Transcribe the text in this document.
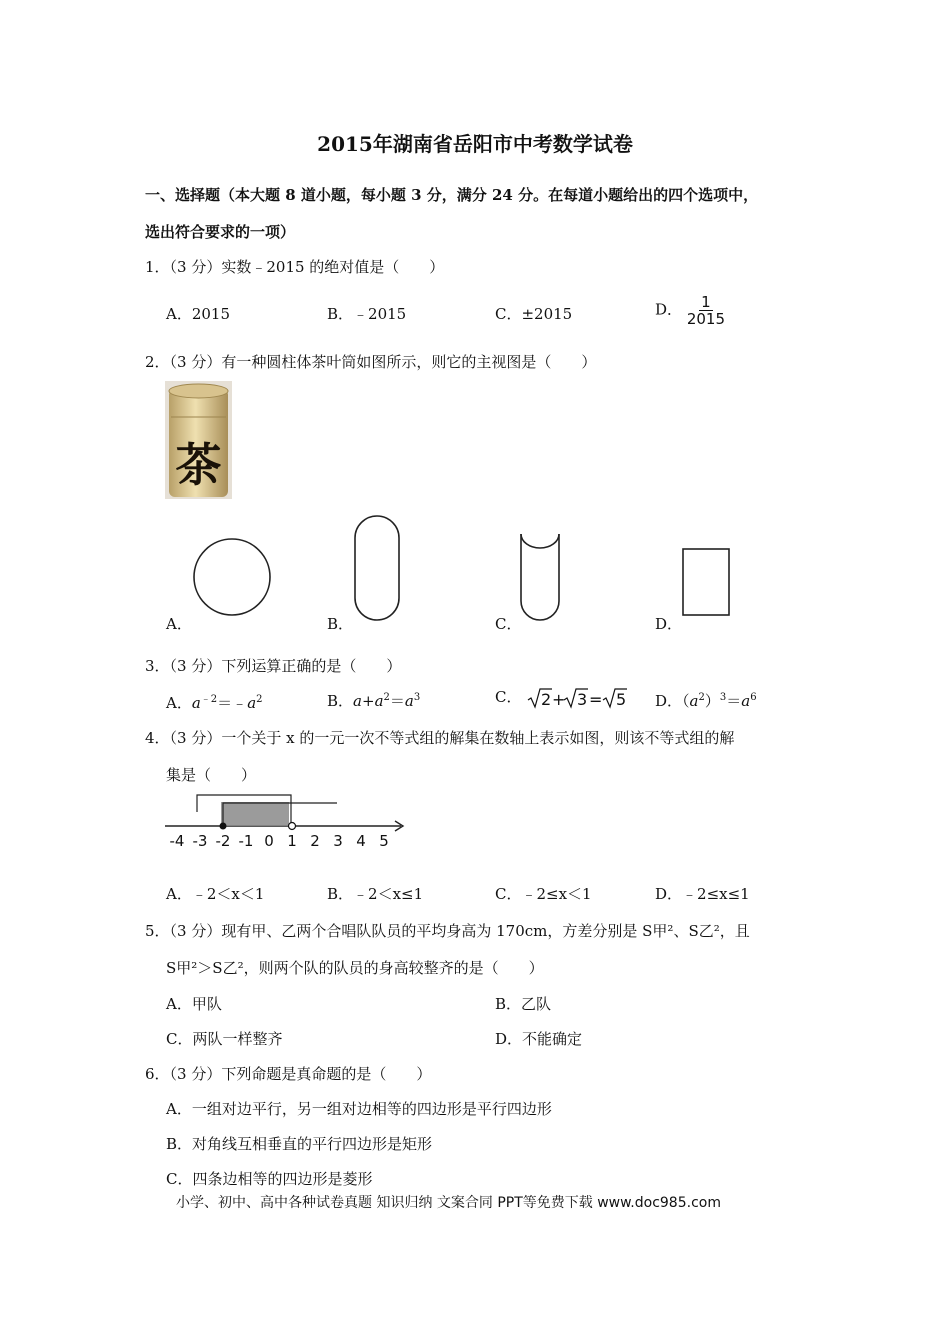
2015年湖南省岳阳市中考数学试卷
一、选择题（本大题 8 道小题，每小题 3 分，满分 24 分。在每道小题给出的四个选项中，
选出符合要求的一项）
1．（3 分）实数﹣2015 的绝对值是（　　）
A．2015	B．﹣2015	C．±2015	D． $\frac{1}{2015}$
2．（3 分）有一种圆柱体茶叶筒如图所示，则它的主视图是（　　）
茶
A．	B．	C．	D．
3．（3 分）下列运算正确的是（　　）
A．$a^{﹣2}=﹣a^2$	B．$a+a^2=a^3$	C． 2 + 3 = 5 D．$(a^2)^3=a^6$
4．（3 分）一个关于 x 的一元一次不等式组的解集在数轴上表示如图，则该不等式组的解
集是（　　）
-4 -3 -2 -1 0 1 2 3 4 5
A．﹣2＜x＜1	B．﹣2＜x≤1	C．﹣2≤x＜1	D．﹣2≤x≤1
5．（3 分）现有甲、乙两个合唱队队员的平均身高为 170cm，方差分别是 S甲²、S乙²，且
S甲²＞S乙²，则两个队的队员的身高较整齐的是（　　）
A．甲队	B．乙队
C．两队一样整齐	D．不能确定
6．（3 分）下列命题是真命题的是（　　）
A．一组对边平行，另一组对边相等的四边形是平行四边形
B．对角线互相垂直的平行四边形是矩形
C．四条边相等的四边形是菱形
小学、初中、高中各种试卷真题 知识归纳 文案合同 PPT等免费下载 www.doc985.com
